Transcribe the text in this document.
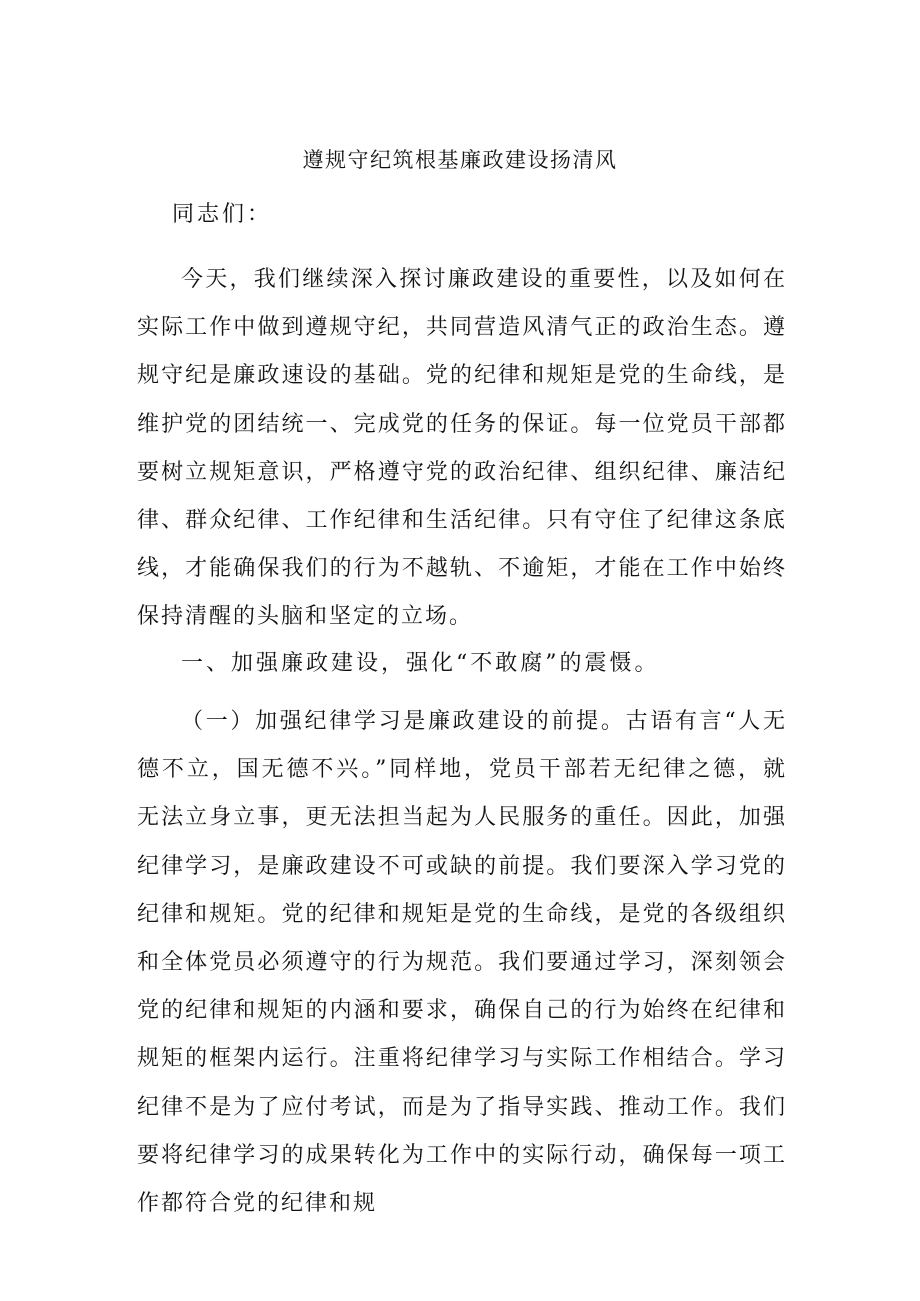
遵规守纪筑根基廉政建设扬清风

同志们：

今天，我们继续深入探讨廉政建设的重要性，以及如何在实际工作中做到遵规守纪，共同营造风清气正的政治生态。遵规守纪是廉政速设的基础。党的纪律和规矩是党的生命线，是维护党的团结统一、完成党的任务的保证。每一位党员干部都要树立规矩意识，严格遵守党的政治纪律、组织纪律、廉洁纪律、群众纪律、工作纪律和生活纪律。只有守住了纪律这条底线，才能确保我们的行为不越轨、不逾矩，才能在工作中始终保持清醒的头脑和坚定的立场。

一、加强廉政建设，强化“不敢腐”的震慑。

（一）加强纪律学习是廉政建设的前提。古语有言“人无德不立，国无德不兴。”同样地，党员干部若无纪律之德，就无法立身立事，更无法担当起为人民服务的重任。因此，加强纪律学习，是廉政建设不可或缺的前提。我们要深入学习党的纪律和规矩。党的纪律和规矩是党的生命线，是党的各级组织和全体党员必须遵守的行为规范。我们要通过学习，深刻领会党的纪律和规矩的内涵和要求，确保自己的行为始终在纪律和规矩的框架内运行。注重将纪律学习与实际工作相结合。学习纪律不是为了应付考试，而是为了指导实践、推动工作。我们要将纪律学习的成果转化为工作中的实际行动，确保每一项工作都符合党的纪律和规
